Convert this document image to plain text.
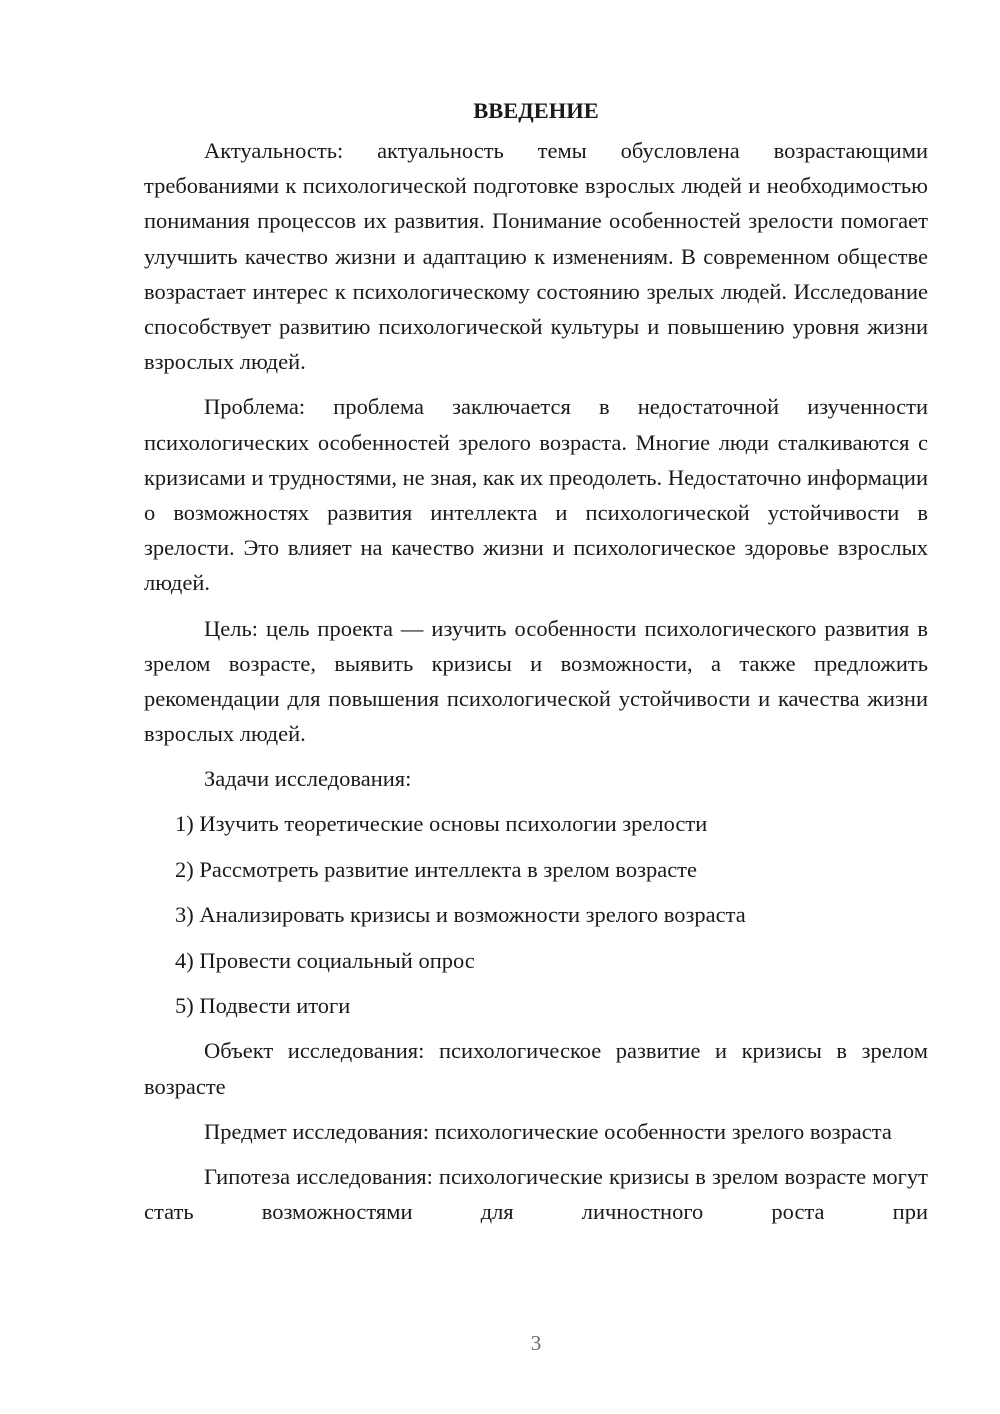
ВВЕДЕНИЕ

Актуальность: актуальность темы обусловлена возрастающими требованиями к психологической подготовке взрослых людей и необходимостью понимания процессов их развития. Понимание особенностей зрелости помогает улучшить качество жизни и адаптацию к изменениям. В современном обществе возрастает интерес к психологическому состоянию зрелых людей. Исследование способствует развитию психологической культуры и повышению уровня жизни взрослых людей.

Проблема: проблема заключается в недостаточной изученности психологических особенностей зрелого возраста. Многие люди сталкиваются с кризисами и трудностями, не зная, как их преодолеть. Недостаточно информации о возможностях развития интеллекта и психологической устойчивости в зрелости. Это влияет на качество жизни и психологическое здоровье взрослых людей.

Цель: цель проекта — изучить особенности психологического развития в зрелом возрасте, выявить кризисы и возможности, а также предложить рекомендации для повышения психологической устойчивости и качества жизни взрослых людей.

Задачи исследования:

1) Изучить теоретические основы психологии зрелости

2) Рассмотреть развитие интеллекта в зрелом возрасте

3) Анализировать кризисы и возможности зрелого возраста

4) Провести социальный опрос

5) Подвести итоги

Объект исследования: психологическое развитие и кризисы в зрелом возрасте

Предмет исследования: психологические особенности зрелого возраста

Гипотеза исследования: психологические кризисы в зрелом возрасте могут стать возможностями для личностного роста при

3
